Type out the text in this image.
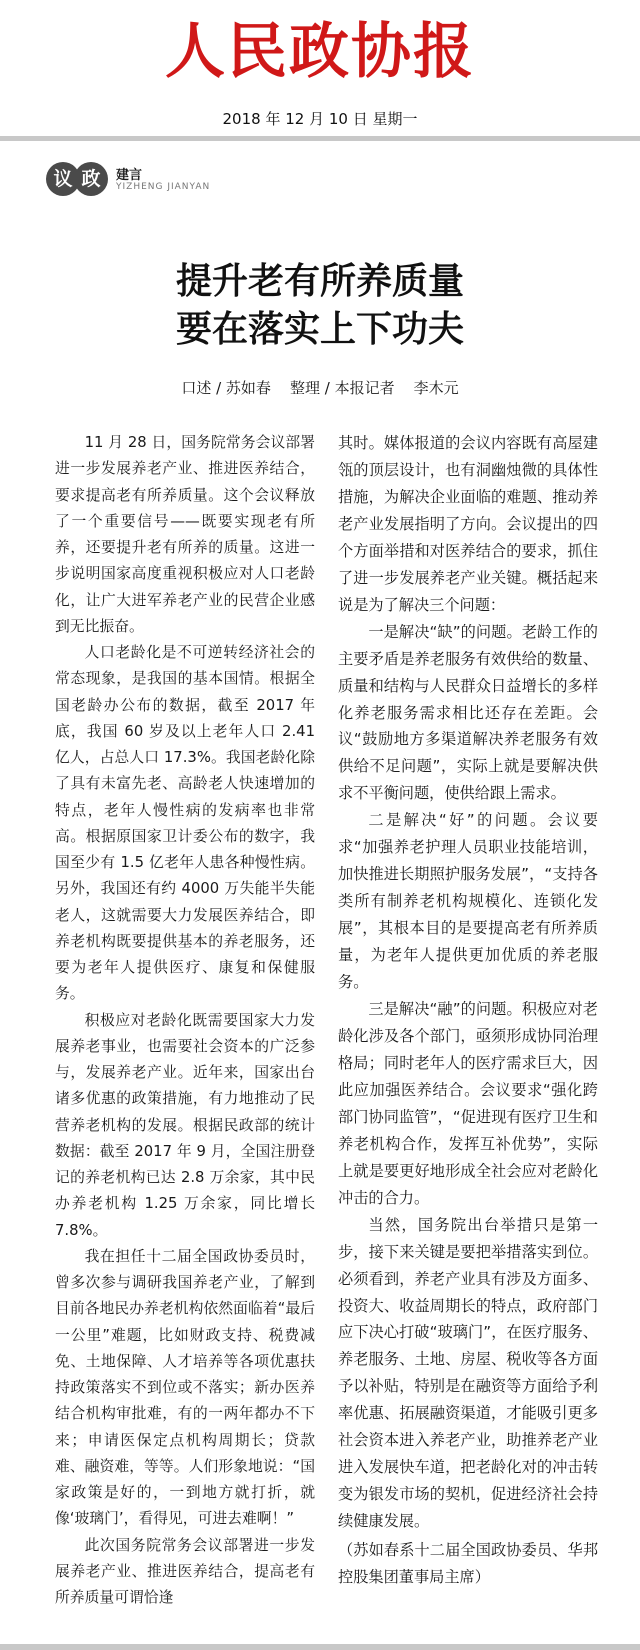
人民政协报
2018 年 12 月 10 日 星期一
议 政	建言
YIZHENG JIANYAN
提升老有所养质量
要在落实上下功夫
口述 / 苏如春    整理 / 本报记者    李木元

11 月 28 日，国务院常务会议部署进一步发展养老产业、推进医养结合，要求提高老有所养质量。这个会议释放了一个重要信号——既要实现老有所养，还要提升老有所养的质量。这进一步说明国家高度重视积极应对人口老龄化，让广大进军养老产业的民营企业感到无比振奋。

人口老龄化是不可逆转经济社会的常态现象，是我国的基本国情。根据全国老龄办公布的数据，截至 2017 年底，我国 60 岁及以上老年人口 2.41 亿人，占总人口 17.3%。我国老龄化除了具有未富先老、高龄老人快速增加的特点，老年人慢性病的发病率也非常高。根据原国家卫计委公布的数字，我国至少有 1.5 亿老年人患各种慢性病。另外，我国还有约 4000 万失能半失能老人，这就需要大力发展医养结合，即养老机构既要提供基本的养老服务，还要为老年人提供医疗、康复和保健服务。

积极应对老龄化既需要国家大力发展养老事业，也需要社会资本的广泛参与，发展养老产业。近年来，国家出台诸多优惠的政策措施，有力地推动了民营养老机构的发展。根据民政部的统计数据：截至 2017 年 9 月，全国注册登记的养老机构已达 2.8 万余家，其中民办养老机构 1.25 万余家，同比增长 7.8%。

我在担任十二届全国政协委员时，曾多次参与调研我国养老产业，了解到目前各地民办养老机构依然面临着“最后一公里”难题，比如财政支持、税费减免、土地保障、人才培养等各项优惠扶持政策落实不到位或不落实；新办医养结合机构审批难，有的一两年都办不下来；申请医保定点机构周期长；贷款难、融资难，等等。人们形象地说：“国家政策是好的，一到地方就打折，就像‘玻璃门’，看得见，可进去难啊！”

此次国务院常务会议部署进一步发展养老产业、推进医养结合，提高老有所养质量可谓恰逢

其时。媒体报道的会议内容既有高屋建瓴的顶层设计，也有洞幽烛微的具体性措施，为解决企业面临的难题、推动养老产业发展指明了方向。会议提出的四个方面举措和对医养结合的要求，抓住了进一步发展养老产业关键。概括起来说是为了解决三个问题：

一是解决“缺”的问题。老龄工作的主要矛盾是养老服务有效供给的数量、质量和结构与人民群众日益增长的多样化养老服务需求相比还存在差距。会议“鼓励地方多渠道解决养老服务有效供给不足问题”，实际上就是要解决供求不平衡问题，使供给跟上需求。

二是解决“好”的问题。会议要求“加强养老护理人员职业技能培训，加快推进长期照护服务发展”，“支持各类所有制养老机构规模化、连锁化发展”，其根本目的是要提高老有所养质量，为老年人提供更加优质的养老服务。

三是解决“融”的问题。积极应对老龄化涉及各个部门，亟须形成协同治理格局；同时老年人的医疗需求巨大，因此应加强医养结合。会议要求“强化跨部门协同监管”，“促进现有医疗卫生和养老机构合作，发挥互补优势”，实际上就是要更好地形成全社会应对老龄化冲击的合力。

当然，国务院出台举措只是第一步，接下来关键是要把举措落实到位。必须看到，养老产业具有涉及方面多、投资大、收益周期长的特点，政府部门应下决心打破“玻璃门”，在医疗服务、养老服务、土地、房屋、税收等各方面予以补贴，特别是在融资等方面给予利率优惠、拓展融资渠道，才能吸引更多社会资本进入养老产业，助推养老产业进入发展快车道，把老龄化对的冲击转变为银发市场的契机，促进经济社会持续健康发展。

（苏如春系十二届全国政协委员、华邦控股集团董事局主席）
